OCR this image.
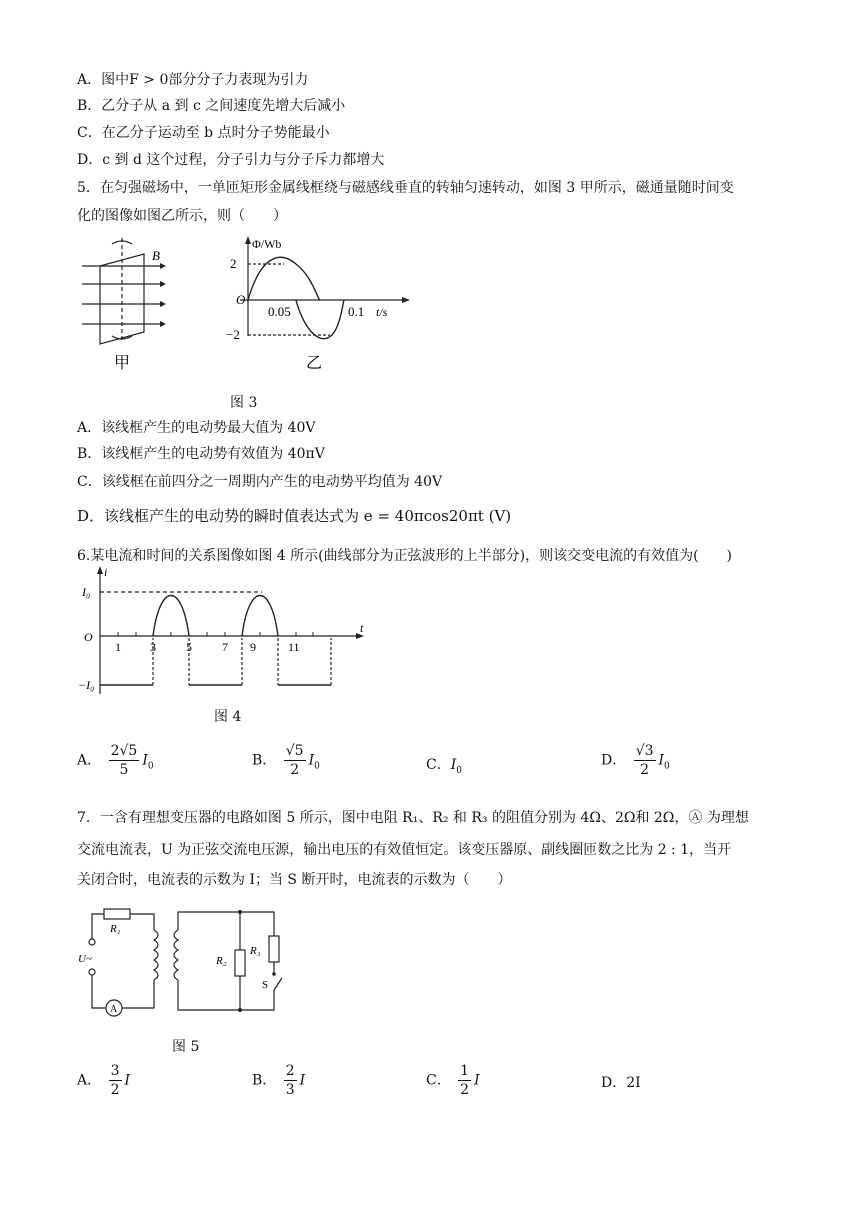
A．图中F > 0部分分子力表现为引力
B．乙分子从 a 到 c 之间速度先增大后减小
C．在乙分子运动至 b 点时分子势能最小
D．c 到 d 这个过程，分子引力与分子斥力都增大
5．在匀强磁场中，一单匝矩形金属线框绕与磁感线垂直的转轴匀速转动，如图 3 甲所示，磁通量随时间变
化的图像如图乙所示，则（　　）
B
甲
Φ/Wb
2
O
0.05	0.1
−2
t/s
乙
图 3
A．该线框产生的电动势最大值为 40V
B．该线框产生的电动势有效值为 40πV
C．该线框在前四分之一周期内产生的电动势平均值为 40V
D．该线框产生的电动势的瞬时值表达式为 e = 40πcos20πt (V)
6.某电流和时间的关系图像如图 4 所示(曲线部分为正弦波形的上半部分)，则该交变电流的有效值为(　　)
i
t
I₀
O
−I₀
1 3	5	7 9	11
图 4
A． $\frac{2√5}{5} I_0$	B． $\frac{√5}{2} I_0$	C．$I_0$
D． $\frac{√3}{2} I_0$
7．一含有理想变压器的电路如图 5 所示，图中电阻 R₁、R₂ 和 R₃ 的阻值分别为 4Ω、2Ω和 2Ω，Ⓐ 为理想
交流电流表，U 为正弦交流电压源，输出电压的有效值恒定。该变压器原、副线圈匝数之比为 2 : 1，当开
关闭合时，电流表的示数为 I；当 S 断开时，电流表的示数为（　　）
R₁
U~
A
R₂
R₃
S
图 5
A． $\frac{3}{2}$ I	B． $\frac{2}{3}$ I	C． $\frac{1}{2}$ I	D．2I
